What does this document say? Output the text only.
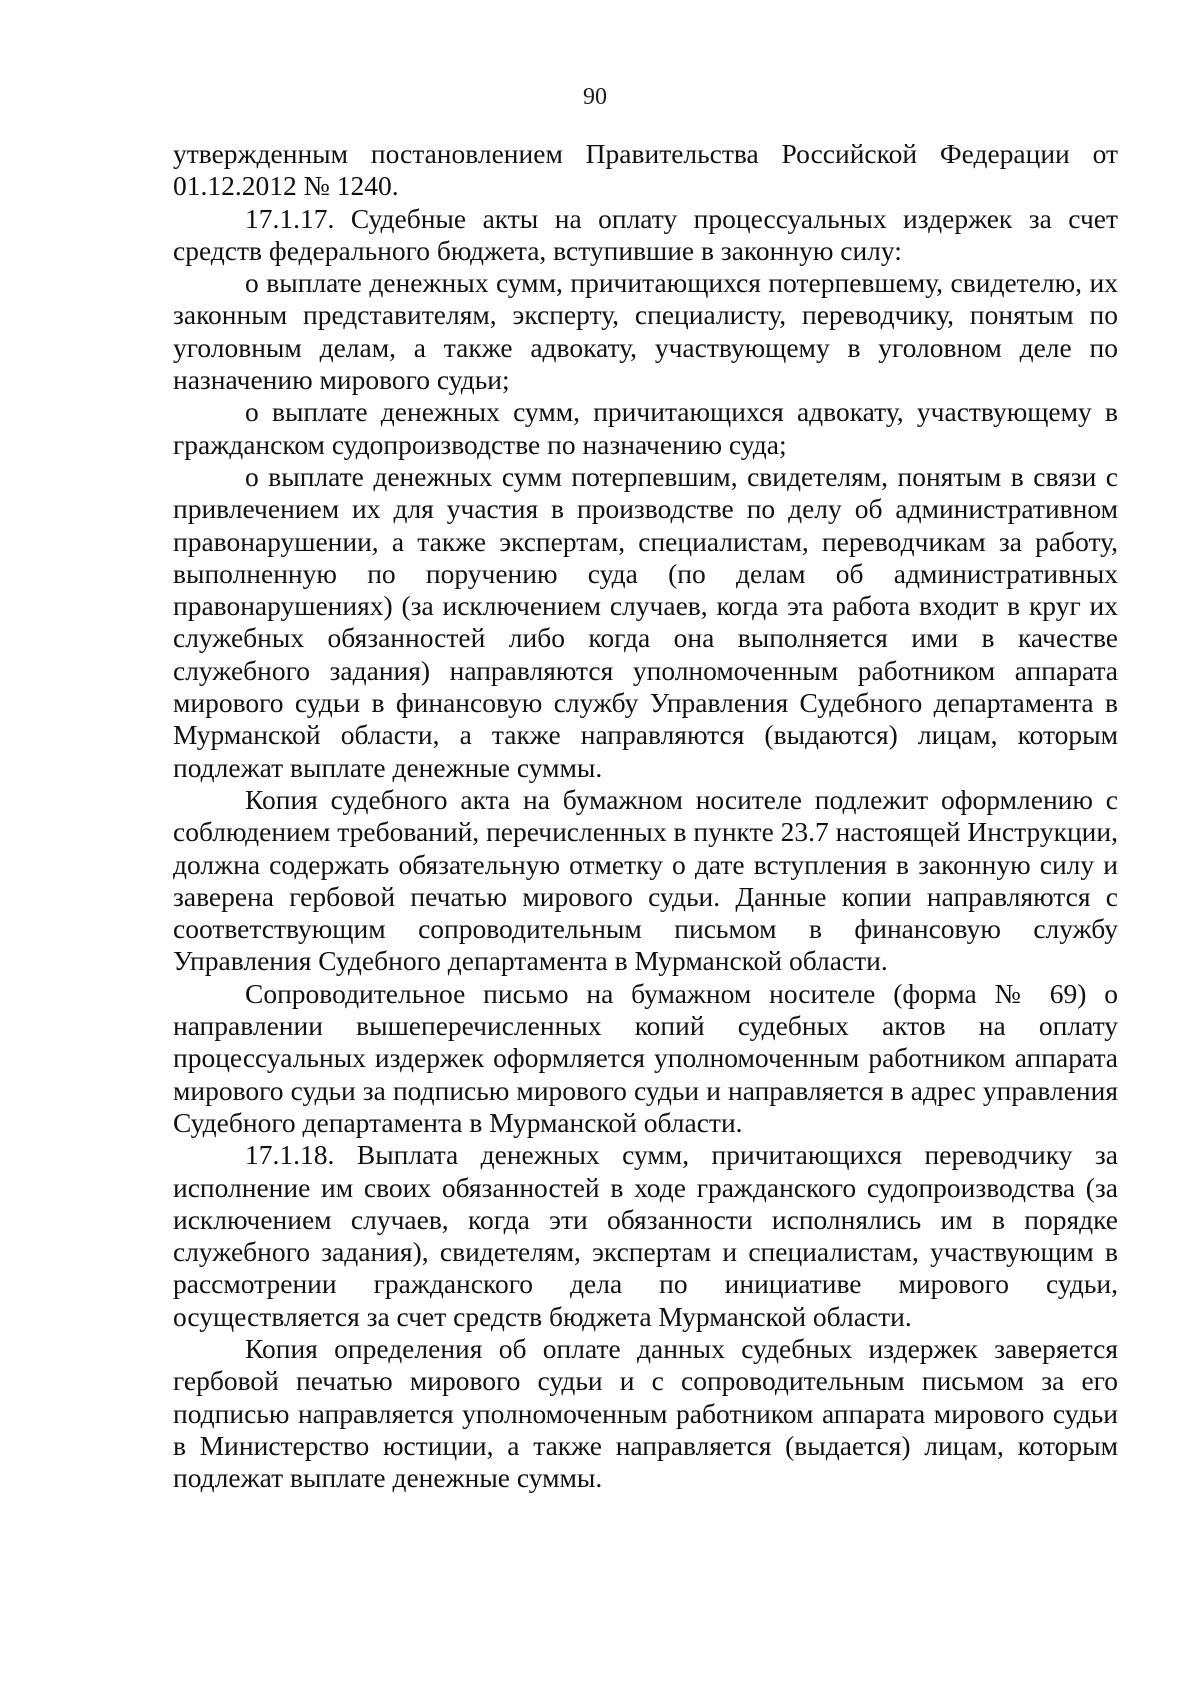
90

утвержденным постановлением Правительства Российской Федерации от 01.12.2012 № 1240.

17.1.17. Судебные акты на оплату процессуальных издержек за счет средств федерального бюджета, вступившие в законную силу:

о выплате денежных сумм, причитающихся потерпевшему, свидетелю, их законным представителям, эксперту, специалисту, переводчику, понятым по уголовным делам, а также адвокату, участвующему в уголовном деле по назначению мирового судьи;

о выплате денежных сумм, причитающихся адвокату, участвующему в гражданском судопроизводстве по назначению суда;

о выплате денежных сумм потерпевшим, свидетелям, понятым в связи с привлечением их для участия в производстве по делу об административном правонарушении, а также экспертам, специалистам, переводчикам за работу, выполненную по поручению суда (по делам об административных правонарушениях) (за исключением случаев, когда эта работа входит в круг их служебных обязанностей либо когда она выполняется ими в качестве служебного задания) направляются уполномоченным работником аппарата мирового судьи в финансовую службу Управления Судебного департамента в Мурманской области, а также направляются (выдаются) лицам, которым подлежат выплате денежные суммы.

Копия судебного акта на бумажном носителе подлежит оформлению с соблюдением требований, перечисленных в пункте 23.7 настоящей Инструкции, должна содержать обязательную отметку о дате вступления в законную силу и заверена гербовой печатью мирового судьи. Данные копии направляются с соответствующим сопроводительным письмом в финансовую службу Управления Судебного департамента в Мурманской области.

Сопроводительное письмо на бумажном носителе (форма № 69) о направлении вышеперечисленных копий судебных актов на оплату процессуальных издержек оформляется уполномоченным работником аппарата мирового судьи за подписью мирового судьи и направляется в адрес управления Судебного департамента в Мурманской области.

17.1.18. Выплата денежных сумм, причитающихся переводчику за исполнение им своих обязанностей в ходе гражданского судопроизводства (за исключением случаев, когда эти обязанности исполнялись им в порядке служебного задания), свидетелям, экспертам и специалистам, участвующим в рассмотрении гражданского дела по инициативе мирового судьи, осуществляется за счет средств бюджета Мурманской области.

Копия определения об оплате данных судебных издержек заверяется гербовой печатью мирового судьи и с сопроводительным письмом за его подписью направляется уполномоченным работником аппарата мирового судьи в Министерство юстиции, а также направляется (выдается) лицам, которым подлежат выплате денежные суммы.
